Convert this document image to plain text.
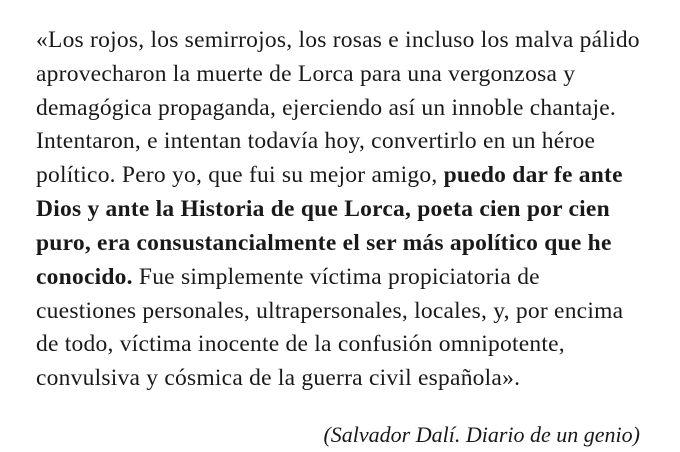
«Los rojos, los semirrojos, los rosas e incluso los malva pálido aprovecharon la muerte de Lorca para una vergonzosa y demagógica propaganda, ejerciendo así un innoble chantaje. Intentaron, e intentan todavía hoy, convertirlo en un héroe político. Pero yo, que fui su mejor amigo, puedo dar fe ante Dios y ante la Historia de que Lorca, poeta cien por cien puro, era consustancialmente el ser más apolítico que he conocido. Fue simplemente víctima propiciatoria de cuestiones personales, ultrapersonales, locales, y, por encima de todo, víctima inocente de la confusión omnipotente, convulsiva y cósmica de la guerra civil española».

(Salvador Dalí. Diario de un genio)
